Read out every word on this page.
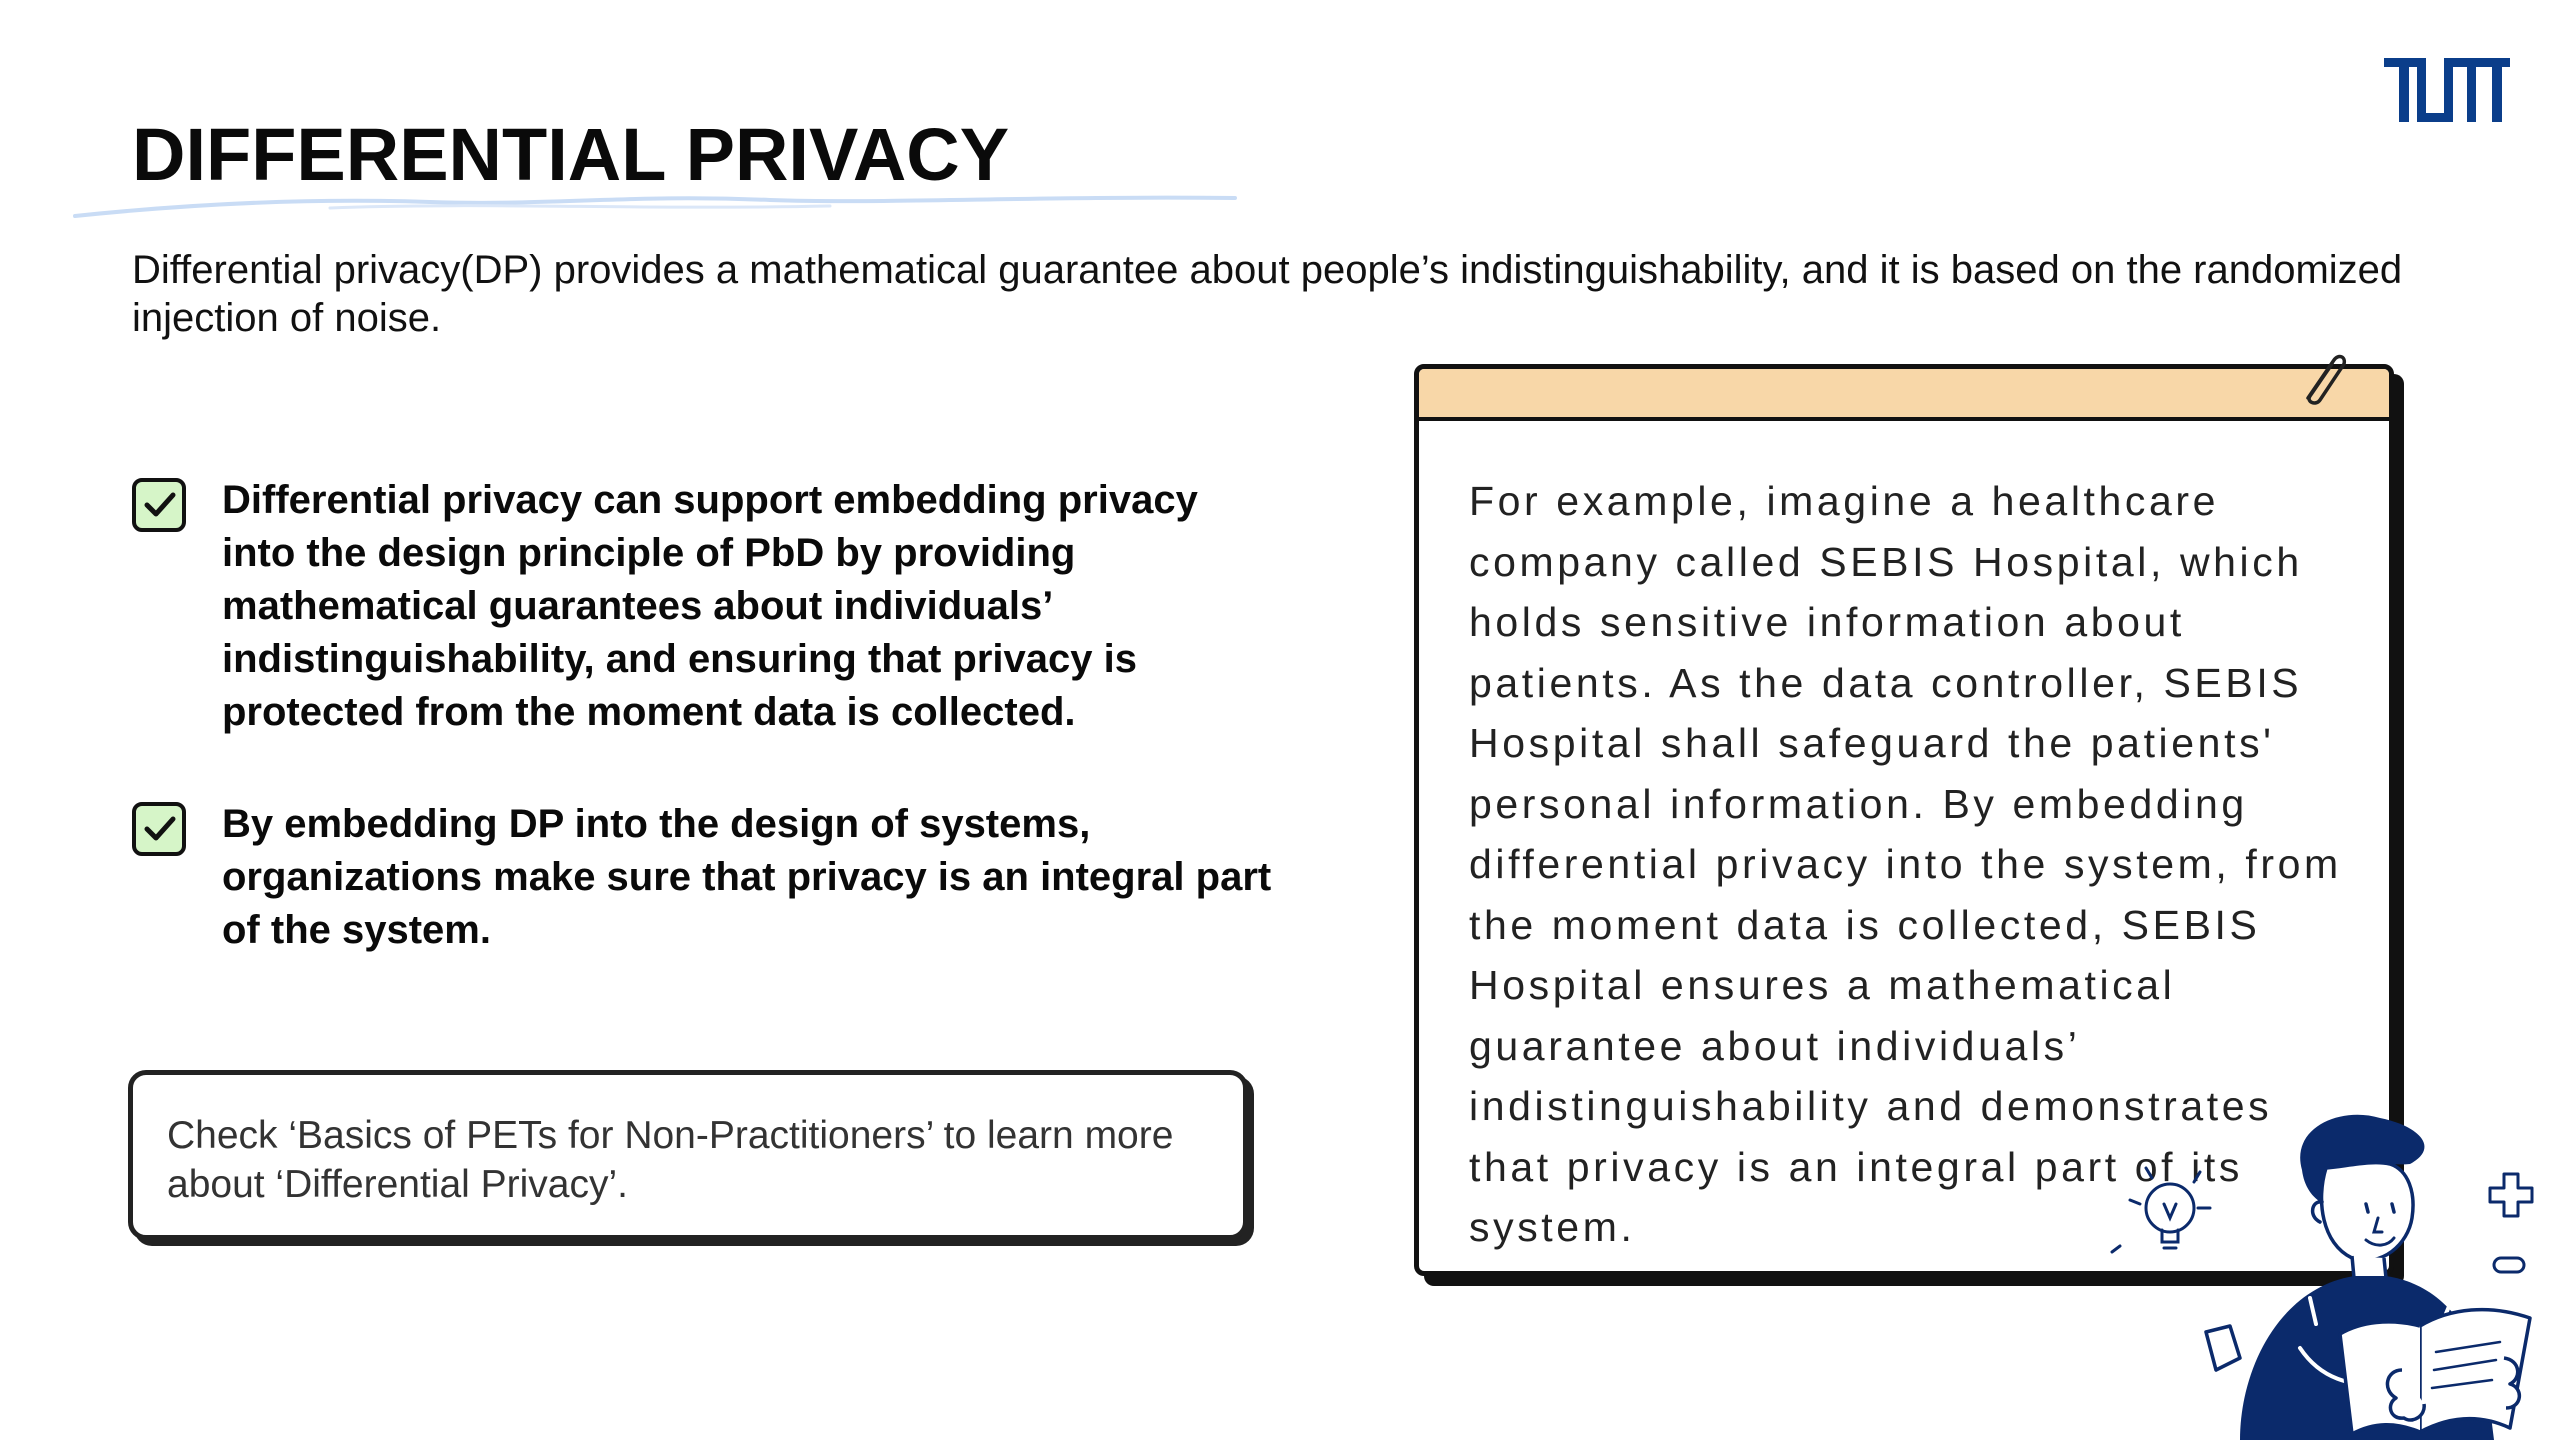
DIFFERENTIAL PRIVACY

Differential privacy(DP) provides a mathematical guarantee about people’s indistinguishability, and it is based on the randomized injection of noise.

Differential privacy can support embedding privacy into the design principle of PbD by providing mathematical guarantees about individuals’ indistinguishability, and ensuring that privacy is protected from the moment data is collected.

By embedding DP into the design of systems, organizations make sure that privacy is an integral part of the system.

Check ‘Basics of PETs for Non-Practitioners’ to learn more about ‘Differential Privacy’.

For example, imagine a healthcare company called SEBIS Hospital, which holds sensitive information about patients. As the data controller, SEBIS Hospital shall safeguard the patients' personal information. By embedding differential privacy into the system, from the moment data is collected, SEBIS Hospital ensures a mathematical guarantee about individuals’ indistinguishability and demonstrates that privacy is an integral part of its system.
